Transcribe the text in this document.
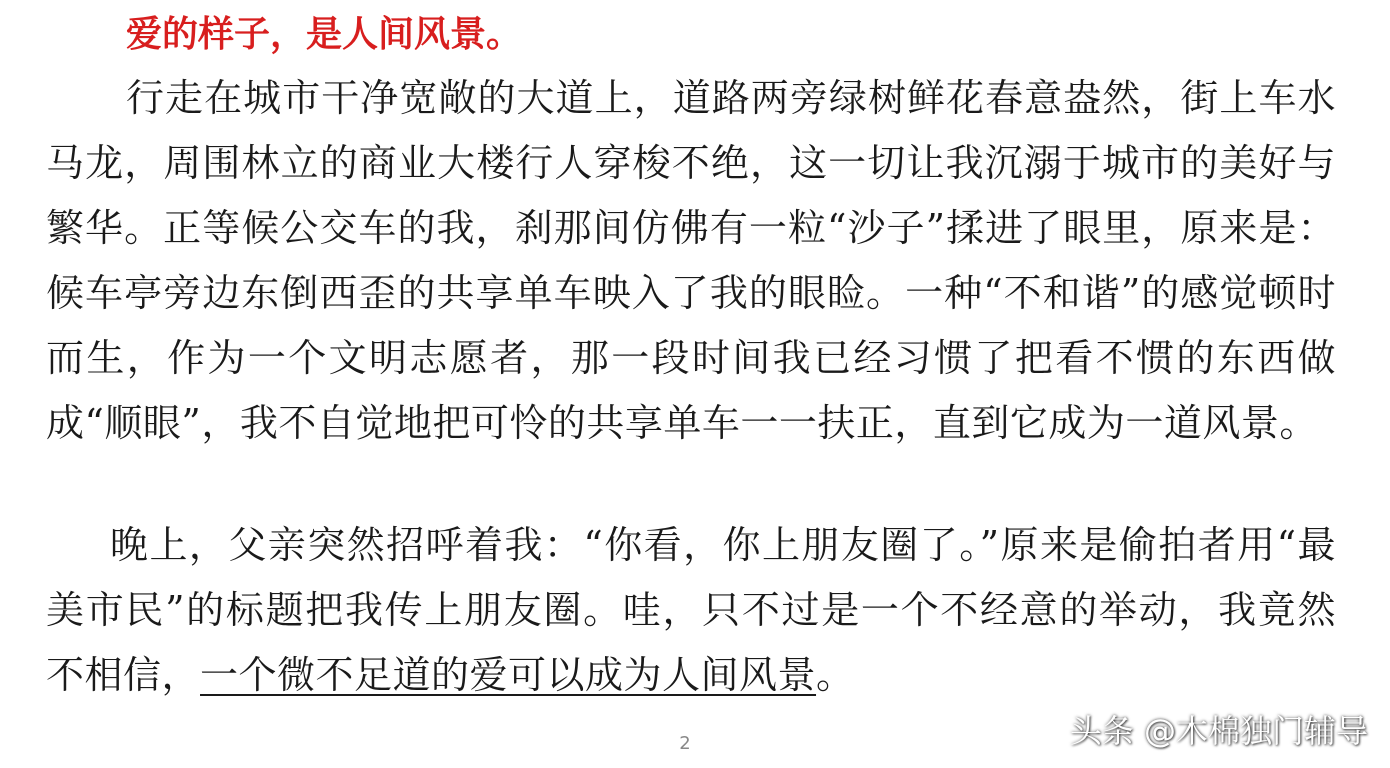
爱的样子，是人间风景。

行走在城市干净宽敞的大道上，道路两旁绿树鲜花春意盎然，街上车水马龙，周围林立的商业大楼行人穿梭不绝，这一切让我沉溺于城市的美好与繁华。正等候公交车的我，刹那间仿佛有一粒“沙子”揉进了眼里，原来是：候车亭旁边东倒西歪的共享单车映入了我的眼睑。一种“不和谐”的感觉顿时而生，作为一个文明志愿者，那一段时间我已经习惯了把看不惯的东西做成“顺眼”，我不自觉地把可怜的共享单车一一扶正，直到它成为一道风景。

晚上，父亲突然招呼着我：“你看，你上朋友圈了。”原来是偷拍者用“最美市民”的标题把我传上朋友圈。哇，只不过是一个不经意的举动，我竟然不相信，一个微不足道的爱可以成为人间风景。

2	头条 @木棉独门辅导
